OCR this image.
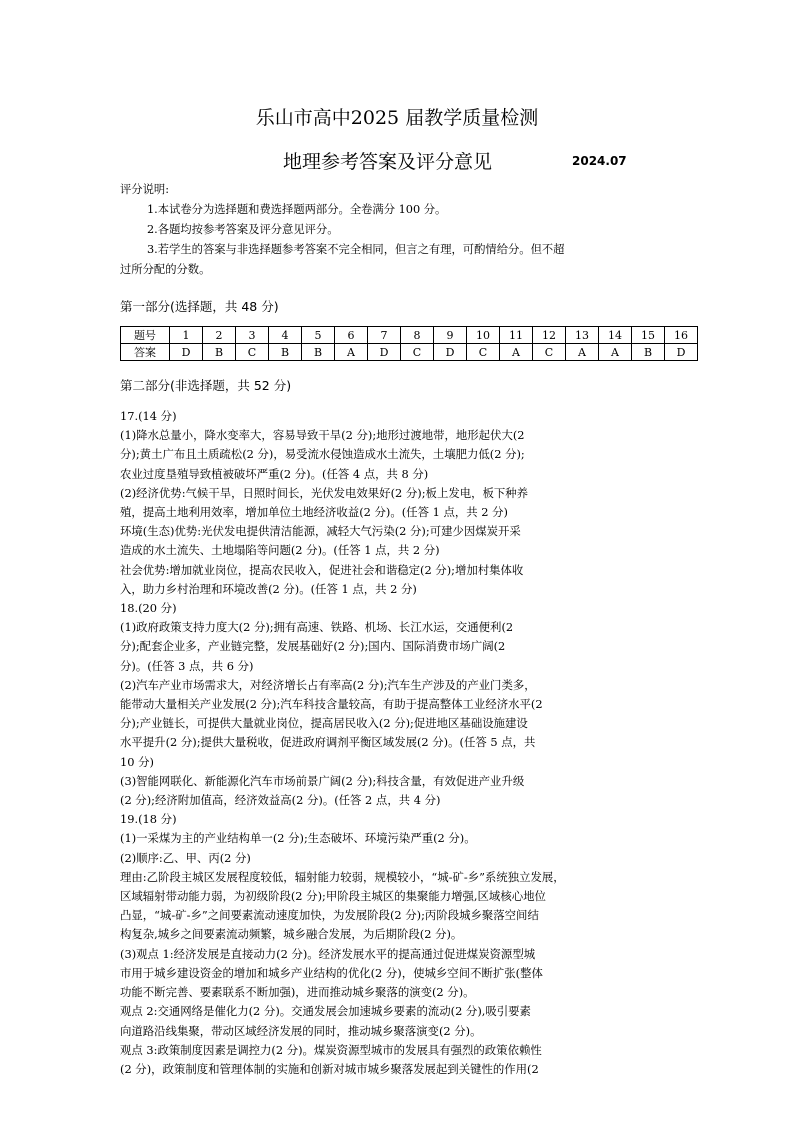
乐山市高中2025 届教学质量检测
地理参考答案及评分意见	2024.07

评分说明:

1.本试卷分为选择题和费选择题两部分。全卷满分 100 分。

2.各题均按参考答案及评分意见评分。

3.若学生的答案与非选择题参考答案不完全相同，但言之有理，可酌情给分。但不超

过所分配的分数。

第一部分(选择题，共 48 分)
题号	1	2	3	4	5	6	7	8	9	10	11	12	13	14	15	16
答案	D	B	C	B	B	A	D	C	D	C	A	C	A	A	B	D
第二部分(非选择题，共 52 分)

17.(14 分)

(1)降水总量小，降水变率大，容易导致干旱(2 分);地形过渡地带，地形起伏大(2

分);黄土广布且土质疏松(2 分)，易受流水侵蚀造成水土流失，土壤肥力低(2 分);

农业过度垦殖导致植被破坏严重(2 分)。(任答 4 点，共 8 分)

(2)经济优势:气候干旱，日照时间长，光伏发电效果好(2 分);板上发电，板下种养

殖，提高土地利用效率，增加单位土地经济收益(2 分)。(任答 1 点，共 2 分)

环境(生态)优势:光伏发电提供清洁能源，减轻大气污染(2 分);可建少因煤炭开采

造成的水土流失、土地塌陷等问题(2 分)。(任答 1 点，共 2 分)

社会优势:增加就业岗位，提高农民收入，促进社会和谐稳定(2 分);增加村集体收

入，助力乡村治理和环境改善(2 分)。(任答 1 点，共 2 分)

18.(20 分)

(1)政府政策支持力度大(2 分);拥有高速、铁路、机场、长江水运，交通便利(2

分);配套企业多，产业链完整，发展基础好(2 分);国内、国际消费市场广阔(2

分)。(任答 3 点，共 6 分)

(2)汽车产业市场需求大，对经济增长占有率高(2 分);汽车生产涉及的产业门类多，

能带动大量相关产业发展(2 分);汽车科技含量较高，有助于提高整体工业经济水平(2

分);产业链长，可提供大量就业岗位，提高居民收入(2 分);促进地区基础设施建设

水平提升(2 分);提供大量税收，促进政府调剂平衡区域发展(2 分)。(任答 5 点，共

10 分)

(3)智能网联化、新能源化汽车市场前景广阔(2 分);科技含量，有效促进产业升级

(2 分);经济附加值高，经济效益高(2 分)。(任答 2 点，共 4 分)

19.(18 分)

(1)一采煤为主的产业结构单一(2 分);生态破坏、环境污染严重(2 分)。

(2)顺序:乙、甲、丙(2 分)

理由:乙阶段主城区发展程度较低，辐射能力较弱，规模较小，“城-矿-乡”系统独立发展，

区域辐射带动能力弱，为初级阶段(2 分);甲阶段主城区的集聚能力增强,区域核心地位

凸显，“城-矿-乡”之间要素流动速度加快，为发展阶段(2 分);丙阶段城乡聚落空间结

构复杂,城乡之间要素流动频繁，城乡融合发展，为后期阶段(2 分)。

(3)观点 1:经济发展是直接动力(2 分)。经济发展水平的提高通过促进煤炭资源型城

市用于城乡建设资金的增加和城乡产业结构的优化(2 分)，使城乡空间不断扩张(整体

功能不断完善、要素联系不断加强)，进而推动城乡聚落的演变(2 分)。

观点 2:交通网络是催化力(2 分)。交通发展会加速城乡要素的流动(2 分),吸引要素

向道路沿线集聚，带动区域经济发展的同时，推动城乡聚落演变(2 分)。

观点 3:政策制度因素是调控力(2 分)。煤炭资源型城市的发展具有强烈的政策依赖性

(2 分)，政策制度和管理体制的实施和创新对城市城乡聚落发展起到关键性的作用(2
